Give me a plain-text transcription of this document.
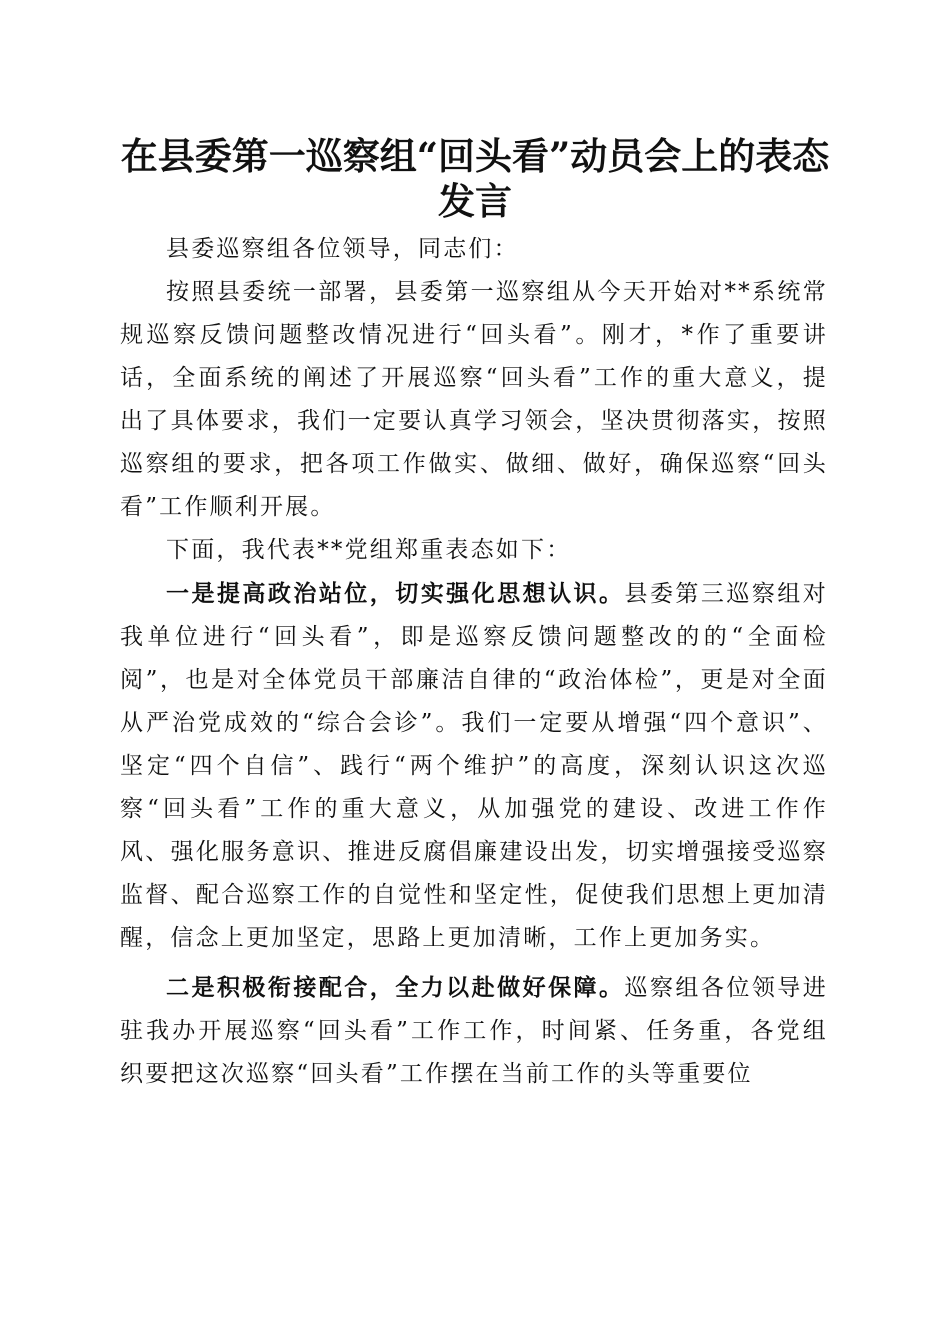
在县委第一巡察组“回头看”动员会上的表态发言

县委巡察组各位领导，同志们：

按照县委统一部署，县委第一巡察组从今天开始对**系统常规巡察反馈问题整改情况进行“回头看”。刚才，*作了重要讲话，全面系统的阐述了开展巡察“回头看”工作的重大意义，提出了具体要求，我们一定要认真学习领会，坚决贯彻落实，按照巡察组的要求，把各项工作做实、做细、做好，确保巡察“回头看”工作顺利开展。

下面，我代表**党组郑重表态如下：

一是提高政治站位，切实强化思想认识。县委第三巡察组对我单位进行“回头看”，即是巡察反馈问题整改的的“全面检阅”，也是对全体党员干部廉洁自律的“政治体检”，更是对全面从严治党成效的“综合会诊”。我们一定要从增强“四个意识”、坚定“四个自信”、践行“两个维护”的高度，深刻认识这次巡察“回头看”工作的重大意义，从加强党的建设、改进工作作风、强化服务意识、推进反腐倡廉建设出发，切实增强接受巡察监督、配合巡察工作的自觉性和坚定性，促使我们思想上更加清醒，信念上更加坚定，思路上更加清晰，工作上更加务实。

二是积极衔接配合，全力以赴做好保障。巡察组各位领导进驻我办开展巡察“回头看”工作工作，时间紧、任务重，各党组织要把这次巡察“回头看”工作摆在当前工作的头等重要位
